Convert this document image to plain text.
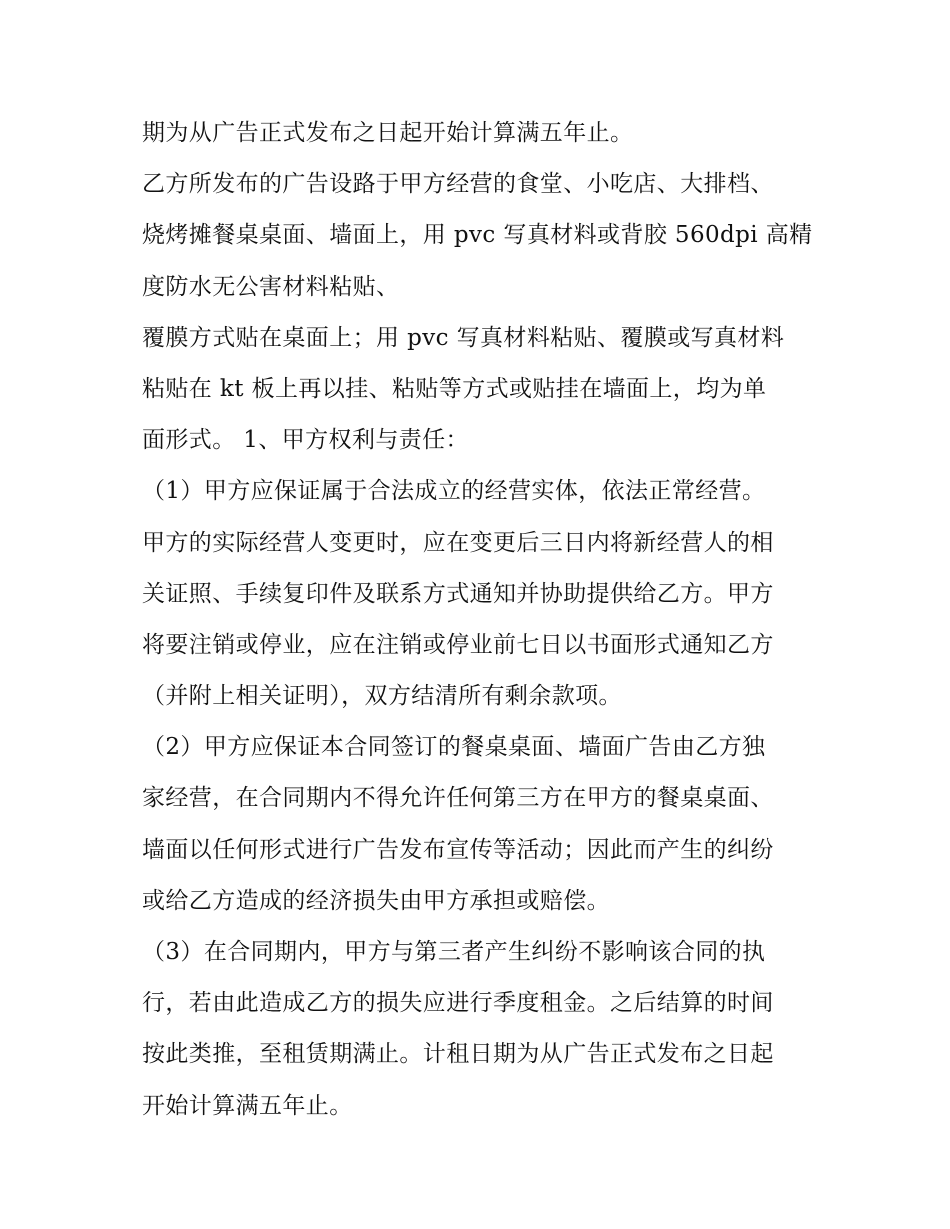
期为从广告正式发布之日起开始计算满五年止。
乙方所发布的广告设路于甲方经营的食堂、小吃店、大排档、
烧烤摊餐桌桌面、墙面上，用 pvc 写真材料或背胶 560dpi 高精
度防水无公害材料粘贴、
覆膜方式贴在桌面上；用 pvc 写真材料粘贴、覆膜或写真材料
粘贴在 kt 板上再以挂、粘贴等方式或贴挂在墙面上，均为单
面形式。 1、甲方权利与责任：
（1）甲方应保证属于合法成立的经营实体，依法正常经营。
甲方的实际经营人变更时，应在变更后三日内将新经营人的相
关证照、手续复印件及联系方式通知并协助提供给乙方。甲方
将要注销或停业，应在注销或停业前七日以书面形式通知乙方
（并附上相关证明），双方结清所有剩余款项。
（2）甲方应保证本合同签订的餐桌桌面、墙面广告由乙方独
家经营，在合同期内不得允许任何第三方在甲方的餐桌桌面、
墙面以任何形式进行广告发布宣传等活动；因此而产生的纠纷
或给乙方造成的经济损失由甲方承担或赔偿。
（3）在合同期内，甲方与第三者产生纠纷不影响该合同的执
行，若由此造成乙方的损失应进行季度租金。之后结算的时间
按此类推，至租赁期满止。计租日期为从广告正式发布之日起
开始计算满五年止。
